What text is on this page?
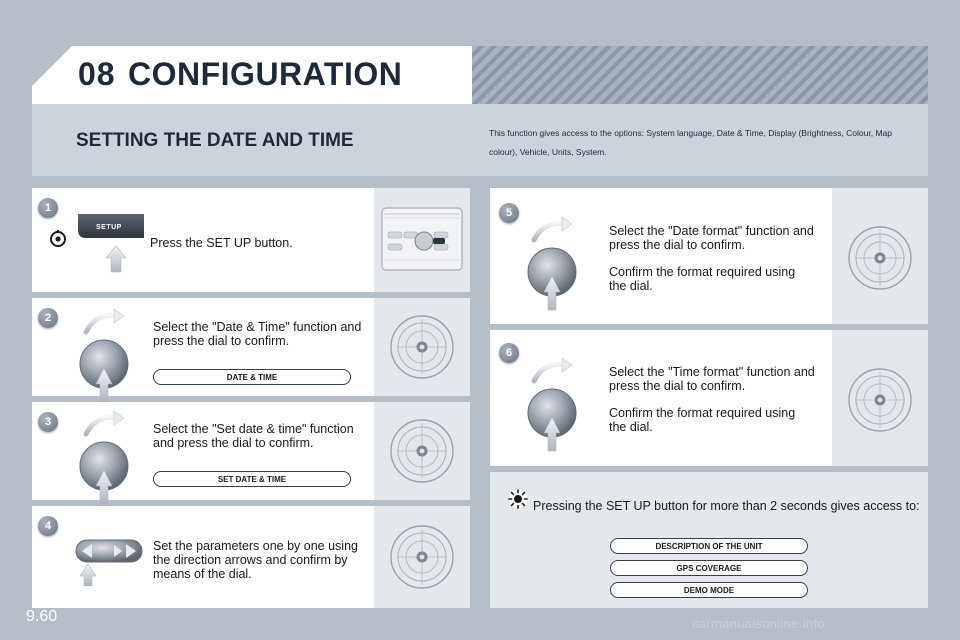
08 CONFIGURATION
SETTING THE DATE AND TIME	This function gives access to the options: System language, Date & Time, Display (Brightness, Colour, Map colour), Vehicle, Units, System.
1
SETUP
Press the SET UP button.
2
Select the "Date & Time" function and press the dial to confirm.
DATE & TIME
3	Select the "Set date & time" function and press the dial to confirm.
SET DATE & TIME
4
Set the parameters one by one using the direction arrows and confirm by means of the dial.
5
Select the "Date format" function and press the dial to confirm.
Confirm the format required using the dial.
6
Select the "Time format" function and press the dial to confirm.
Confirm the format required using the dial.
Pressing the SET UP button for more than 2 seconds gives access to:
DESCRIPTION OF THE UNIT
GPS COVERAGE
DEMO MODE
9.60	carmanualsonline.info
